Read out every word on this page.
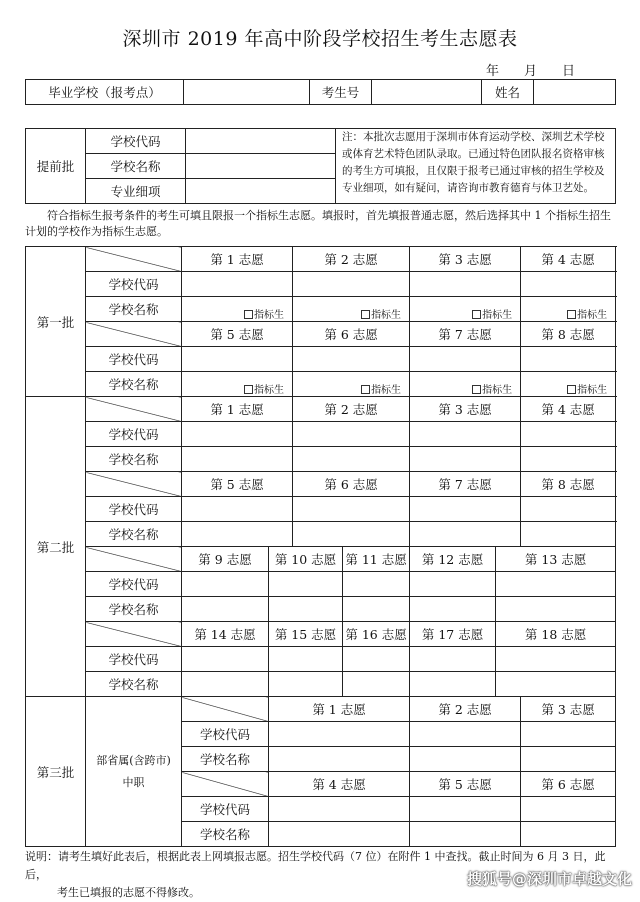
深圳市 2019 年高中阶段学校招生考生志愿表
年 月 日
毕业学校（报考点）		考生号		姓名	
提前批	学校代码		注：本批次志愿用于深圳市体育运动学校、深圳艺术学校或体育艺术特色团队录取。已通过特色团队报名资格审核的考生方可填报，且仅限于报考已通过审核的招生学校及专业细项，如有疑问，请咨询市教育德育与体卫艺处。
	学校名称		
	专业细项		
符合指标生报考条件的考生可填且限报一个指标生志愿。填报时，首先填报普通志愿，然后选择其中 1 个指标生招生计划的学校作为指标生志愿。
第一批		第 1 志愿		第 2 志愿		第 3 志愿		第 4 志愿
	学校代码							
	学校名称	指标生		指标生		指标生		指标生
		第 5 志愿		第 6 志愿		第 7 志愿		第 8 志愿
	学校代码							
	学校名称	指标生		指标生		指标生		指标生
第二批		第 1 志愿		第 2 志愿		第 3 志愿		第 4 志愿
	学校代码							
	学校名称							
		第 5 志愿		第 6 志愿		第 7 志愿		第 8 志愿
	学校代码							
	学校名称							
		第 9 志愿	第 10 志愿		第 11 志愿	第 12 志愿	第 13 志愿	
	学校代码							
	学校名称							
		第 14 志愿	第 15 志愿		第 16 志愿	第 17 志愿	第 18 志愿	
	学校代码							
	学校名称							
第三批	部省属(含跨市)
中职		第 1 志愿			第 2 志愿		第 3 志愿
		学校代码						
		学校名称						
			第 4 志愿			第 5 志愿		第 6 志愿
		学校代码						
		学校名称						
说明：请考生填好此表后，根据此表上网填报志愿。招生学校代码（7 位）在附件 1 中查找。截止时间为 6 月 3 日，此后，
考生已填报的志愿不得修改。
搜狐号@深圳市卓越文化
